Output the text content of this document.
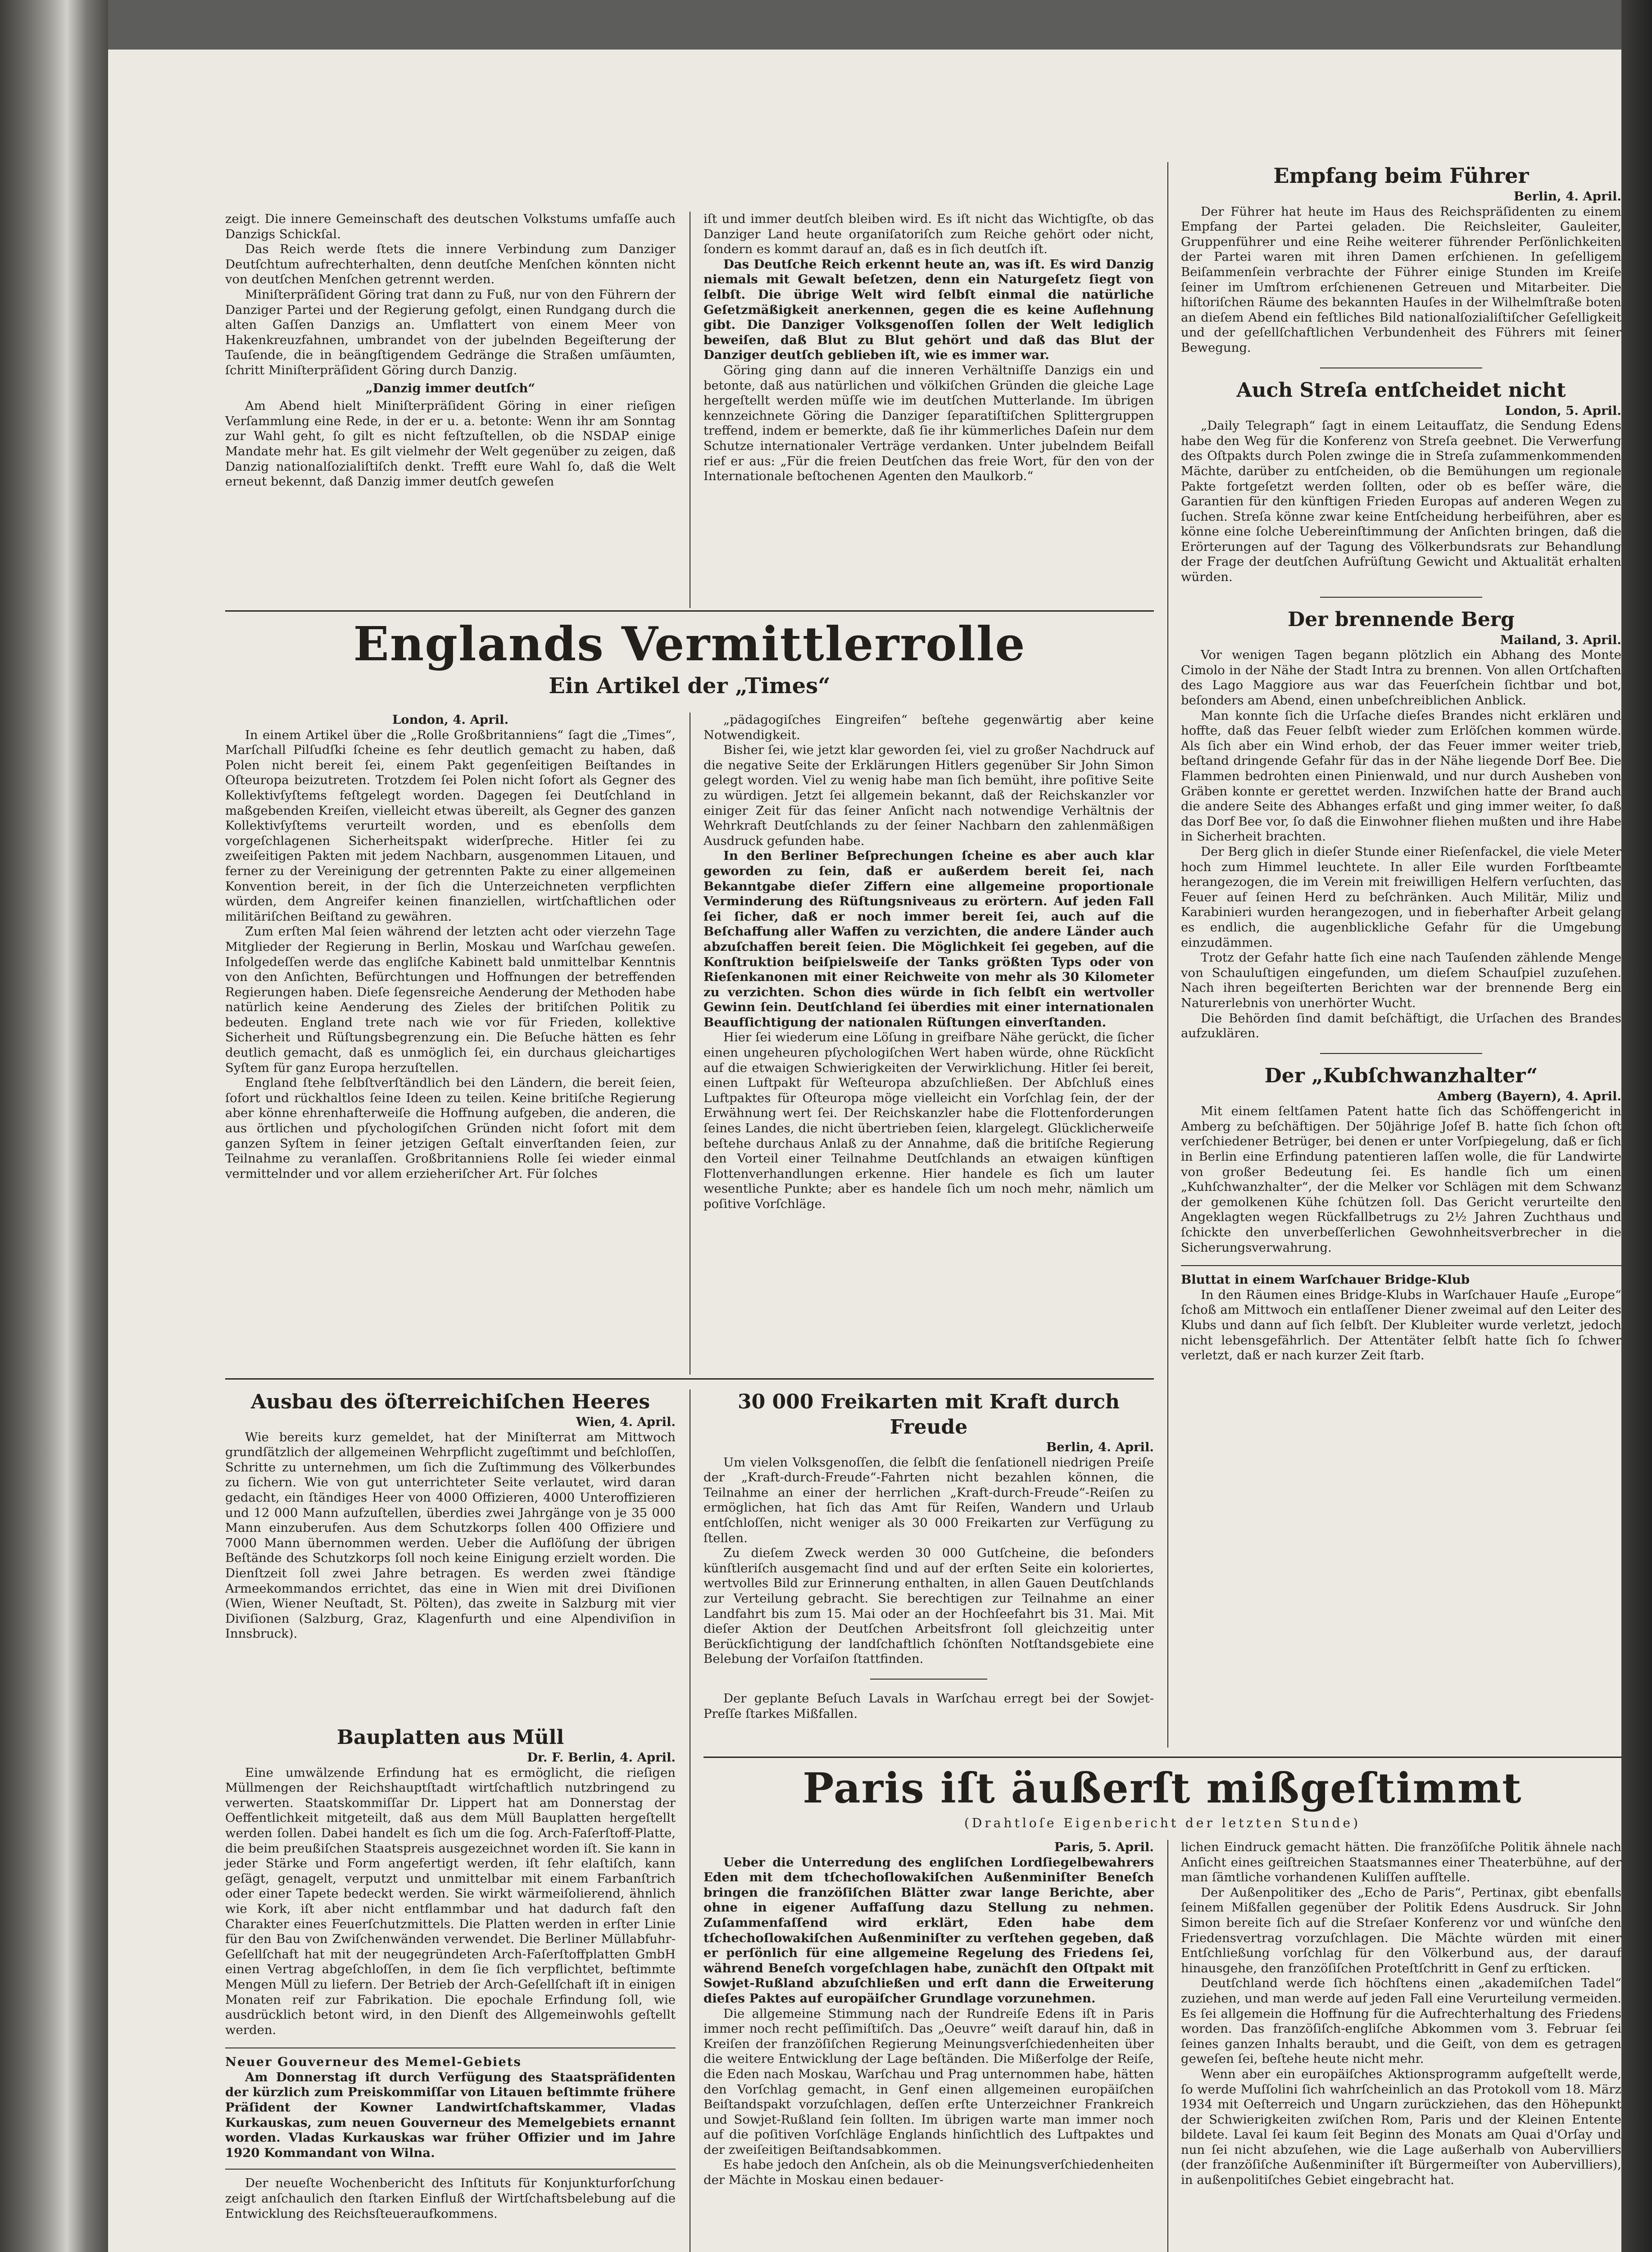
zeigt. Die innere Gemeinschaft des deutschen Volkstums umfaſſe auch Danzigs Schickſal.

Das Reich werde ſtets die innere Verbindung zum Danziger Deutſchtum aufrechterhalten, denn deutſche Menſchen könnten nicht von deutſchen Menſchen getrennt werden.

Miniſterpräſident Göring trat dann zu Fuß, nur von den Führern der Danziger Partei und der Regierung gefolgt, einen Rundgang durch die alten Gaſſen Danzigs an. Umflattert von einem Meer von Hakenkreuzfahnen, umbrandet von der jubelnden Begeiſterung der Tauſende, die in beängſtigendem Gedränge die Straßen umſäumten, ſchritt Miniſterpräſident Göring durch Danzig.

„Danzig immer deutſch“

Am Abend hielt Miniſterpräſident Göring in einer rieſigen Verſammlung eine Rede, in der er u. a. betonte: Wenn ihr am Sonntag zur Wahl geht, ſo gilt es nicht feſtzuſtellen, ob die NSDAP einige Mandate mehr hat. Es gilt vielmehr der Welt gegenüber zu zeigen, daß Danzig nationalſozialiſtiſch denkt. Trefft eure Wahl ſo, daß die Welt erneut bekennt, daß Danzig immer deutſch geweſen

iſt und immer deutſch bleiben wird. Es iſt nicht das Wichtigſte, ob das Danziger Land heute organiſatoriſch zum Reiche gehört oder nicht, ſondern es kommt darauf an, daß es in ſich deutſch iſt.

Das Deutſche Reich erkennt heute an, was iſt. Es wird Danzig niemals mit Gewalt beſetzen, denn ein Naturgeſetz ſiegt von ſelbſt. Die übrige Welt wird ſelbſt einmal die natürliche Geſetzmäßigkeit anerkennen, gegen die es keine Auflehnung gibt. Die Danziger Volksgenoſſen ſollen der Welt lediglich beweiſen, daß Blut zu Blut gehört und daß das Blut der Danziger deutſch geblieben iſt, wie es immer war.

Göring ging dann auf die inneren Verhältniſſe Danzigs ein und betonte, daß aus natürlichen und völkiſchen Gründen die gleiche Lage hergeſtellt werden müſſe wie im deutſchen Mutterlande. Im übrigen kennzeichnete Göring die Danziger ſeparatiſtiſchen Splittergruppen treffend, indem er bemerkte, daß ſie ihr kümmerliches Daſein nur dem Schutze internationaler Verträge verdanken. Unter jubelndem Beifall rief er aus: „Für die freien Deutſchen das freie Wort, für den von der Internationale beſtochenen Agenten den Maulkorb.“

Englands Vermittlerrolle
Ein Artikel der „Times“

London, 4. April.

In einem Artikel über die „Rolle Großbritanniens“ ſagt die „Times“, Marſchall Pilſudſki ſcheine es ſehr deutlich gemacht zu haben, daß Polen nicht bereit ſei, einem Pakt gegenſeitigen Beiſtandes in Oſteuropa beizutreten. Trotzdem ſei Polen nicht ſofort als Gegner des Kollektivſyſtems feſtgelegt worden. Dagegen ſei Deutſchland in maßgebenden Kreiſen, vielleicht etwas übereilt, als Gegner des ganzen Kollektivſyſtems verurteilt worden, und es ebenſolls dem vorgeſchlagenen Sicherheitspakt widerſpreche. Hitler ſei zu zweiſeitigen Pakten mit jedem Nachbarn, ausgenommen Litauen, und ferner zu der Vereinigung der getrennten Pakte zu einer allgemeinen Konvention bereit, in der ſich die Unterzeichneten verpflichten würden, dem Angreifer keinen finanziellen, wirtſchaftlichen oder militäriſchen Beiſtand zu gewähren.

Zum erſten Mal ſeien während der letzten acht oder vierzehn Tage Mitglieder der Regierung in Berlin, Moskau und Warſchau geweſen. Infolgedeſſen werde das engliſche Kabinett bald unmittelbar Kenntnis von den Anſichten, Befürchtungen und Hoffnungen der betreffenden Regierungen haben. Dieſe ſegensreiche Aenderung der Methoden habe natürlich keine Aenderung des Zieles der britiſchen Politik zu bedeuten. England trete nach wie vor für Frieden, kollektive Sicherheit und Rüſtungsbegrenzung ein. Die Beſuche hätten es ſehr deutlich gemacht, daß es unmöglich ſei, ein durchaus gleichartiges Syſtem für ganz Europa herzuſtellen.

England ſtehe ſelbſtverſtändlich bei den Ländern, die bereit ſeien, ſofort und rückhaltlos ſeine Ideen zu teilen. Keine britiſche Regierung aber könne ehrenhafterweiſe die Hoffnung aufgeben, die anderen, die aus örtlichen und pſychologiſchen Gründen nicht ſofort mit dem ganzen Syſtem in ſeiner jetzigen Geſtalt einverſtanden ſeien, zur Teilnahme zu veranlaſſen. Großbritanniens Rolle ſei wieder einmal vermittelnder und vor allem erzieheriſcher Art. Für ſolches

„pädagogiſches Eingreifen“ beſtehe gegenwärtig aber keine Notwendigkeit.

Bisher ſei, wie jetzt klar geworden ſei, viel zu großer Nachdruck auf die negative Seite der Erklärungen Hitlers gegenüber Sir John Simon gelegt worden. Viel zu wenig habe man ſich bemüht, ihre poſitive Seite zu würdigen. Jetzt ſei allgemein bekannt, daß der Reichskanzler vor einiger Zeit für das ſeiner Anſicht nach notwendige Verhältnis der Wehrkraft Deutſchlands zu der ſeiner Nachbarn den zahlenmäßigen Ausdruck gefunden habe.

In den Berliner Beſprechungen ſcheine es aber auch klar geworden zu ſein, daß er außerdem bereit ſei, nach Bekanntgabe dieſer Ziffern eine allgemeine proportionale Verminderung des Rüſtungsniveaus zu erörtern. Auf jeden Fall ſei ſicher, daß er noch immer bereit ſei, auch auf die Beſchaffung aller Waffen zu verzichten, die andere Länder auch abzuſchaffen bereit ſeien. Die Möglichkeit ſei gegeben, auf die Konſtruktion beiſpielsweiſe der Tanks größten Typs oder von Rieſenkanonen mit einer Reichweite von mehr als 30 Kilometer zu verzichten. Schon dies würde in ſich ſelbſt ein wertvoller Gewinn ſein. Deutſchland ſei überdies mit einer internationalen Beaufſichtigung der nationalen Rüſtungen einverſtanden.

Hier ſei wiederum eine Löſung in greifbare Nähe gerückt, die ſicher einen ungeheuren pſychologiſchen Wert haben würde, ohne Rückſicht auf die etwaigen Schwierigkeiten der Verwirklichung. Hitler ſei bereit, einen Luftpakt für Weſteuropa abzuſchließen. Der Abſchluß eines Luftpaktes für Oſteuropa möge vielleicht ein Vorſchlag ſein, der der Erwähnung wert ſei. Der Reichskanzler habe die Flottenforderungen ſeines Landes, die nicht übertrieben ſeien, klargelegt. Glücklicherweiſe beſtehe durchaus Anlaß zu der Annahme, daß die britiſche Regierung den Vorteil einer Teilnahme Deutſchlands an etwaigen künftigen Flottenverhandlungen erkenne. Hier handele es ſich um lauter wesentliche Punkte; aber es handele ſich um noch mehr, nämlich um poſitive Vorſchläge.

Ausbau des öſterreichiſchen Heeres

Wien, 4. April.

Wie bereits kurz gemeldet, hat der Miniſterrat am Mittwoch grundſätzlich der allgemeinen Wehrpflicht zugeſtimmt und beſchloſſen, Schritte zu unternehmen, um ſich die Zuſtimmung des Völkerbundes zu ſichern. Wie von gut unterrichteter Seite verlautet, wird daran gedacht, ein ſtändiges Heer von 4000 Offizieren, 4000 Unteroffizieren und 12 000 Mann aufzuſtellen, überdies zwei Jahrgänge von je 35 000 Mann einzuberufen. Aus dem Schutzkorps ſollen 400 Offiziere und 7000 Mann übernommen werden. Ueber die Auflöſung der übrigen Beſtände des Schutzkorps ſoll noch keine Einigung erzielt worden. Die Dienſtzeit ſoll zwei Jahre betragen. Es werden zwei ſtändige Armeekommandos errichtet, das eine in Wien mit drei Diviſionen (Wien, Wiener Neuſtadt, St. Pölten), das zweite in Salzburg mit vier Diviſionen (Salzburg, Graz, Klagenfurth und eine Alpendiviſion in Innsbruck).

30 000 Freikarten mit Kraft durch Freude

Berlin, 4. April.

Um vielen Volksgenoſſen, die ſelbſt die ſenſationell niedrigen Preiſe der „Kraft-durch-Freude“-Fahrten nicht bezahlen können, die Teilnahme an einer der herrlichen „Kraft-durch-Freude“-Reiſen zu ermöglichen, hat ſich das Amt für Reiſen, Wandern und Urlaub entſchloſſen, nicht weniger als 30 000 Freikarten zur Verfügung zu ſtellen.

Zu dieſem Zweck werden 30 000 Gutſcheine, die beſonders künſtleriſch ausgemacht ſind und auf der erſten Seite ein koloriertes, wertvolles Bild zur Erinnerung enthalten, in allen Gauen Deutſchlands zur Verteilung gebracht. Sie berechtigen zur Teilnahme an einer Landfahrt bis zum 15. Mai oder an der Hochſeefahrt bis 31. Mai. Mit dieſer Aktion der Deutſchen Arbeitsfront ſoll gleichzeitig unter Berückſichtigung der landſchaftlich ſchönſten Notſtandsgebiete eine Belebung der Vorſaiſon ſtattfinden.

Der geplante Beſuch Lavals in Warſchau erregt bei der Sowjet-Preſſe ſtarkes Mißfallen.

Bauplatten aus Müll

Dr. F. Berlin, 4. April.

Eine umwälzende Erfindung hat es ermöglicht, die rieſigen Müllmengen der Reichshauptſtadt wirtſchaftlich nutzbringend zu verwerten. Staatskommiſſar Dr. Lippert hat am Donnerstag der Oeffentlichkeit mitgeteilt, daß aus dem Müll Bauplatten hergeſtellt werden ſollen. Dabei handelt es ſich um die ſog. Arch-Faſerſtoff-Platte, die beim preußiſchen Staatspreis ausgezeichnet worden iſt. Sie kann in jeder Stärke und Form angefertigt werden, iſt ſehr elaſtiſch, kann geſägt, genagelt, verputzt und unmittelbar mit einem Farbanſtrich oder einer Tapete bedeckt werden. Sie wirkt wärmeiſolierend, ähnlich wie Kork, iſt aber nicht entflammbar und hat dadurch faſt den Charakter eines Feuerſchutzmittels. Die Platten werden in erſter Linie für den Bau von Zwiſchenwänden verwendet. Die Berliner Müllabfuhr-Geſellſchaft hat mit der neugegründeten Arch-Faſerſtoffplatten GmbH einen Vertrag abgeſchloſſen, in dem ſie ſich verpflichtet, beſtimmte Mengen Müll zu liefern. Der Betrieb der Arch-Geſellſchaft iſt in einigen Monaten reif zur Fabrikation. Die epochale Erfindung ſoll, wie ausdrücklich betont wird, in den Dienſt des Allgemeinwohls geſtellt werden.

Neuer Gouverneur des Memel-Gebiets

Am Donnerstag iſt durch Verfügung des Staatspräſidenten der kürzlich zum Preiskommiſſar von Litauen beſtimmte frühere Präſident der Kowner Landwirtſchaftskammer, Vladas Kurkauskas, zum neuen Gouverneur des Memelgebiets ernannt worden. Vladas Kurkauskas war früher Offizier und im Jahre 1920 Kommandant von Wilna.

Der neueſte Wochenbericht des Inſtituts für Konjunkturforſchung zeigt anſchaulich den ſtarken Einfluß der Wirtſchaftsbelebung auf die Entwicklung des Reichsſteueraufkommens.

Empfang beim Führer

Berlin, 4. April.

Der Führer hat heute im Haus des Reichspräſidenten zu einem Empfang der Partei geladen. Die Reichsleiter, Gauleiter, Gruppenführer und eine Reihe weiterer führender Perſönlichkeiten der Partei waren mit ihren Damen erſchienen. In geſelligem Beiſammenſein verbrachte der Führer einige Stunden im Kreiſe ſeiner im Umſtrom erſchienenen Getreuen und Mitarbeiter. Die hiſtoriſchen Räume des bekannten Hauſes in der Wilhelmſtraße boten an dieſem Abend ein feſtliches Bild nationalſozialiſtiſcher Geſelligkeit und der geſellſchaftlichen Verbundenheit des Führers mit ſeiner Bewegung.

Auch Streſa entſcheidet nicht

London, 5. April.

„Daily Telegraph“ ſagt in einem Leitaufſatz, die Sendung Edens habe den Weg für die Konferenz von Streſa geebnet. Die Verwerfung des Oſtpakts durch Polen zwinge die in Streſa zuſammenkommenden Mächte, darüber zu entſcheiden, ob die Bemühungen um regionale Pakte fortgeſetzt werden ſollten, oder ob es beſſer wäre, die Garantien für den künftigen Frieden Europas auf anderen Wegen zu ſuchen. Streſa könne zwar keine Entſcheidung herbeiführen, aber es könne eine ſolche Uebereinſtimmung der Anſichten bringen, daß die Erörterungen auf der Tagung des Völkerbundsrats zur Behandlung der Frage der deutſchen Aufrüſtung Gewicht und Aktualität erhalten würden.

Der brennende Berg

Mailand, 3. April.

Vor wenigen Tagen begann plötzlich ein Abhang des Monte Cimolo in der Nähe der Stadt Intra zu brennen. Von allen Ortſchaften des Lago Maggiore aus war das Feuerſchein ſichtbar und bot, beſonders am Abend, einen unbeſchreiblichen Anblick.

Man konnte ſich die Urſache dieſes Brandes nicht erklären und hoffte, daß das Feuer ſelbſt wieder zum Erlöſchen kommen würde. Als ſich aber ein Wind erhob, der das Feuer immer weiter trieb, beſtand dringende Gefahr für das in der Nähe liegende Dorf Bee. Die Flammen bedrohten einen Pinienwald, und nur durch Ausheben von Gräben konnte er gerettet werden. Inzwiſchen hatte der Brand auch die andere Seite des Abhanges erfaßt und ging immer weiter, ſo daß das Dorf Bee vor, ſo daß die Einwohner fliehen mußten und ihre Habe in Sicherheit brachten.

Der Berg glich in dieſer Stunde einer Rieſenfackel, die viele Meter hoch zum Himmel leuchtete. In aller Eile wurden Forſtbeamte herangezogen, die im Verein mit freiwilligen Helfern verſuchten, das Feuer auf ſeinen Herd zu beſchränken. Auch Militär, Miliz und Karabinieri wurden herangezogen, und in fieberhafter Arbeit gelang es endlich, die augenblickliche Gefahr für die Umgebung einzudämmen.

Trotz der Gefahr hatte ſich eine nach Tauſenden zählende Menge von Schauluſtigen eingefunden, um dieſem Schauſpiel zuzuſehen. Nach ihren begeiſterten Berichten war der brennende Berg ein Naturerlebnis von unerhörter Wucht.

Die Behörden ſind damit beſchäftigt, die Urſachen des Brandes aufzuklären.

Der „Kubſchwanzhalter“

Amberg (Bayern), 4. April.

Mit einem ſeltſamen Patent hatte ſich das Schöffengericht in Amberg zu beſchäftigen. Der 50jährige Joſef B. hatte ſich ſchon oft verſchiedener Betrüger, bei denen er unter Vorſpiegelung, daß er ſich in Berlin eine Erfindung patentieren laſſen wolle, die für Landwirte von großer Bedeutung ſei. Es handle ſich um einen „Kuhſchwanzhalter“, der die Melker vor Schlägen mit dem Schwanz der gemolkenen Kühe ſchützen ſoll. Das Gericht verurteilte den Angeklagten wegen Rückfallbetrugs zu 2½ Jahren Zuchthaus und ſchickte den unverbeſſerlichen Gewohnheitsverbrecher in die Sicherungsverwahrung.

Bluttat in einem Warſchauer Bridge-Klub

In den Räumen eines Bridge-Klubs in Warſchauer Hauſe „Europe“ ſchoß am Mittwoch ein entlaſſener Diener zweimal auf den Leiter des Klubs und dann auf ſich ſelbſt. Der Klubleiter wurde verletzt, jedoch nicht lebensgefährlich. Der Attentäter ſelbſt hatte ſich ſo ſchwer verletzt, daß er nach kurzer Zeit ſtarb.

Paris iſt äußerſt mißgeſtimmt
(Drahtloſe Eigenbericht der letzten Stunde)

Paris, 5. April.

Ueber die Unterredung des engliſchen Lordſiegelbewahrers Eden mit dem tſchechoſlowakiſchen Außenminiſter Beneſch bringen die franzöſiſchen Blätter zwar lange Berichte, aber ohne in eigener Auffaſſung dazu Stellung zu nehmen. Zuſammenfaſſend wird erklärt, Eden habe dem tſchechoſlowakiſchen Außenminiſter zu verſtehen gegeben, daß er perſönlich für eine allgemeine Regelung des Friedens ſei, während Beneſch vorgeſchlagen habe, zunächſt den Oſtpakt mit Sowjet-Rußland abzuſchließen und erſt dann die Erweiterung dieſes Paktes auf europäiſcher Grundlage vorzunehmen.

Die allgemeine Stimmung nach der Rundreiſe Edens iſt in Paris immer noch recht peſſimiſtiſch. Das „Oeuvre“ weiſt darauf hin, daß in Kreiſen der franzöſiſchen Regierung Meinungsverſchiedenheiten über die weitere Entwicklung der Lage beſtänden. Die Mißerfolge der Reiſe, die Eden nach Moskau, Warſchau und Prag unternommen habe, hätten den Vorſchlag gemacht, in Genf einen allgemeinen europäiſchen Beiſtandspakt vorzuſchlagen, deſſen erſte Unterzeichner Frankreich und Sowjet-Rußland ſein ſollten. Im übrigen warte man immer noch auf die poſitiven Vorſchläge Englands hinſichtlich des Luftpaktes und der zweiſeitigen Beiſtandsabkommen.

Es habe jedoch den Anſchein, als ob die Meinungsverſchiedenheiten der Mächte in Moskau einen bedauer-

lichen Eindruck gemacht hätten. Die franzöſiſche Politik ähnele nach Anſicht eines geiſtreichen Staatsmannes einer Theaterbühne, auf der man ſämtliche vorhandenen Kuliſſen aufſtelle.

Der Außenpolitiker des „Echo de Paris“, Pertinax, gibt ebenfalls ſeinem Mißfallen gegenüber der Politik Edens Ausdruck. Sir John Simon bereite ſich auf die Streſaer Konferenz vor und wünſche den Friedensvertrag vorzuſchlagen. Die Mächte würden mit einer Entſchließung vorſchlag für den Völkerbund aus, der darauf hinausgehe, den franzöſiſchen Proteſtſchritt in Genf zu erſticken.

Deutſchland werde ſich höchſtens einen „akademiſchen Tadel“ zuziehen, und man werde auf jeden Fall eine Verurteilung vermeiden. Es ſei allgemein die Hoffnung für die Aufrechterhaltung des Friedens worden. Das franzöſiſch-engliſche Abkommen vom 3. Februar ſei ſeines ganzen Inhalts beraubt, und die Geiſt, von dem es getragen geweſen ſei, beſtehe heute nicht mehr.

Wenn aber ein europäiſches Aktionsprogramm aufgeſtellt werde, ſo werde Muſſolini ſich wahrſcheinlich an das Protokoll vom 18. März 1934 mit Oeſterreich und Ungarn zurückziehen, das den Höhepunkt der Schwierigkeiten zwiſchen Rom, Paris und der Kleinen Entente bildete. Laval ſei kaum ſeit Beginn des Monats am Quai d'Orſay und nun ſei nicht abzuſehen, wie die Lage außerhalb von Aubervilliers (der franzöſiſche Außenminiſter iſt Bürgermeiſter von Aubervilliers), in außenpolitiſches Gebiet eingebracht hat.
